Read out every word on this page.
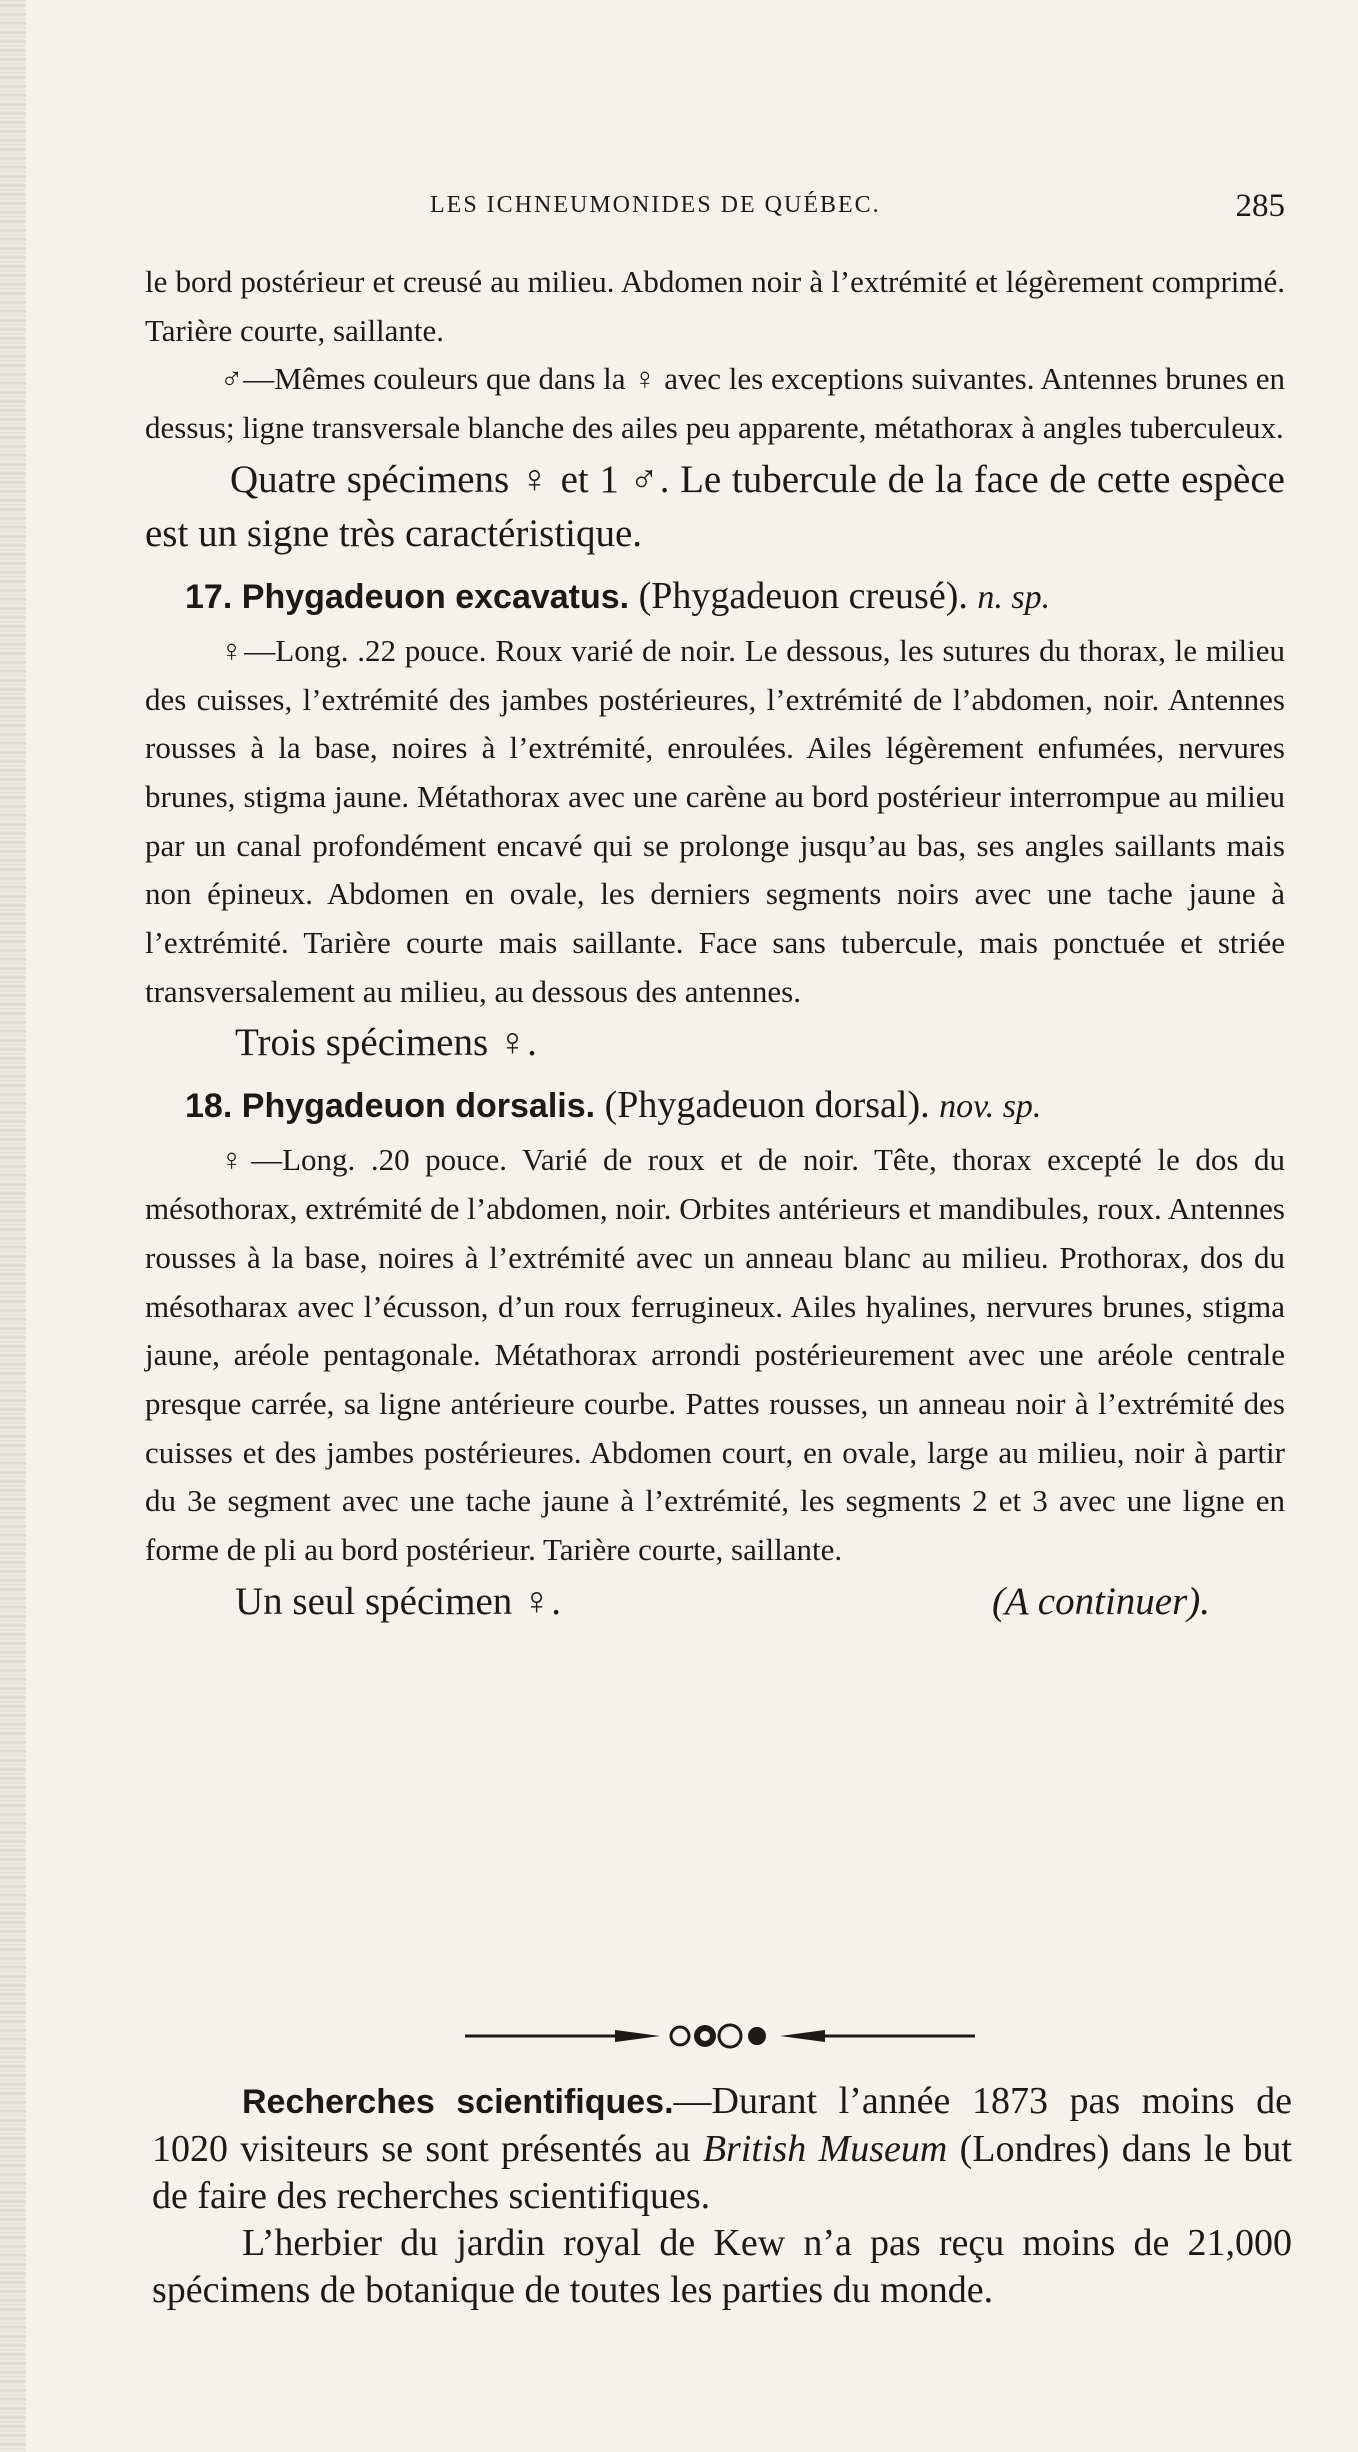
LES ICHNEUMONIDES DE QUÉBEC.	285

le bord postérieur et creusé au milieu. Abdomen noir à l’extrémité et légèrement comprimé. Tarière courte, saillante.

♂—Mêmes couleurs que dans la ♀ avec les exceptions suivantes. Antennes brunes en dessus; ligne transversale blanche des ailes peu apparente, métathorax à angles tuberculeux.

Quatre spécimens ♀ et 1 ♂. Le tubercule de la face de cette espèce est un signe très caractéristique.

17. Phygadeuon excavatus. (Phygadeuon creusé). n. sp.

♀—Long. .22 pouce. Roux varié de noir. Le dessous, les sutures du thorax, le milieu des cuisses, l’extrémité des jambes postérieures, l’extrémité de l’abdomen, noir. Antennes rousses à la base, noires à l’extrémité, enroulées. Ailes légèrement enfumées, nervures brunes, stigma jaune. Métathorax avec une carène au bord postérieur interrompue au milieu par un canal profondément encavé qui se prolonge jusqu’au bas, ses angles saillants mais non épineux. Abdomen en ovale, les derniers segments noirs avec une tache jaune à l’extrémité. Tarière courte mais saillante. Face sans tubercule, mais ponctuée et striée transversalement au milieu, au dessous des antennes.

Trois spécimens ♀.

18. Phygadeuon dorsalis. (Phygadeuon dorsal). nov. sp.

♀—Long. .20 pouce. Varié de roux et de noir. Tête, thorax excepté le dos du mésothorax, extrémité de l’abdomen, noir. Orbites antérieurs et mandibules, roux. Antennes rousses à la base, noires à l’extrémité avec un anneau blanc au milieu. Prothorax, dos du mésotharax avec l’écusson, d’un roux ferrugineux. Ailes hyalines, nervures brunes, stigma jaune, aréole pentagonale. Métathorax arrondi postérieurement avec une aréole centrale presque carrée, sa ligne antérieure courbe. Pattes rousses, un anneau noir à l’extrémité des cuisses et des jambes postérieures. Abdomen court, en ovale, large au milieu, noir à partir du 3e segment avec une tache jaune à l’extrémité, les segments 2 et 3 avec une ligne en forme de pli au bord postérieur. Tarière courte, saillante.

Un seul spécimen ♀.	(A continuer).

Recherches scientifiques.—Durant l’année 1873 pas moins de 1020 visiteurs se sont présentés au British Museum (Londres) dans le but de faire des recherches scientifiques.

L’herbier du jardin royal de Kew n’a pas reçu moins de 21,000 spécimens de botanique de toutes les parties du monde.
